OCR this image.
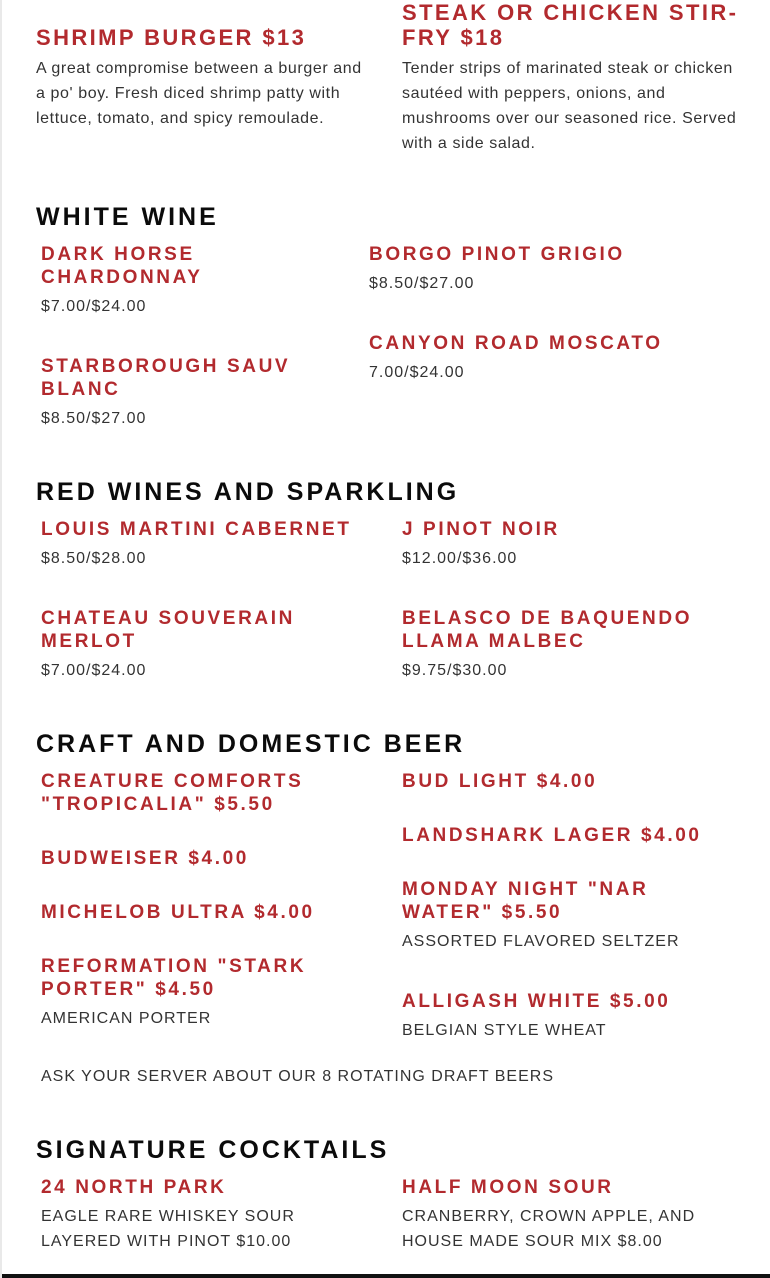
SHRIMP BURGER $13

A great compromise between a burger and a po' boy. Fresh diced shrimp patty with lettuce, tomato, and spicy remoulade.

STEAK OR CHICKEN STIR-FRY $18

Tender strips of marinated steak or chicken sautéed with peppers, onions, and mushrooms over our seasoned rice. Served with a side salad.

WHITE WINE
DARK HORSE CHARDONNAY

$7.00/$24.00

BORGO PINOT GRIGIO

$8.50/$27.00

STARBOROUGH SAUV BLANC

$8.50/$27.00

CANYON ROAD MOSCATO

7.00/$24.00

RED WINES AND SPARKLING
LOUIS MARTINI CABERNET

$8.50/$28.00

J PINOT NOIR

$12.00/$36.00

CHATEAU SOUVERAIN MERLOT

$7.00/$24.00

BELASCO DE BAQUENDO LLAMA MALBEC

$9.75/$30.00

CRAFT AND DOMESTIC BEER
CREATURE COMFORTS "TROPICALIA" $5.50
BUD LIGHT $4.00
LANDSHARK LAGER $4.00
BUDWEISER $4.00
MONDAY NIGHT "NAR WATER" $5.50

ASSORTED FLAVORED SELTZER

MICHELOB ULTRA $4.00
REFORMATION "STARK PORTER" $4.50

AMERICAN PORTER

ALLIGASH WHITE $5.00

BELGIAN STYLE WHEAT

ASK YOUR SERVER ABOUT OUR 8 ROTATING DRAFT BEERS

SIGNATURE COCKTAILS
24 NORTH PARK

EAGLE RARE WHISKEY SOUR LAYERED WITH PINOT $10.00

HALF MOON SOUR

CRANBERRY, CROWN APPLE, AND HOUSE MADE SOUR MIX $8.00
